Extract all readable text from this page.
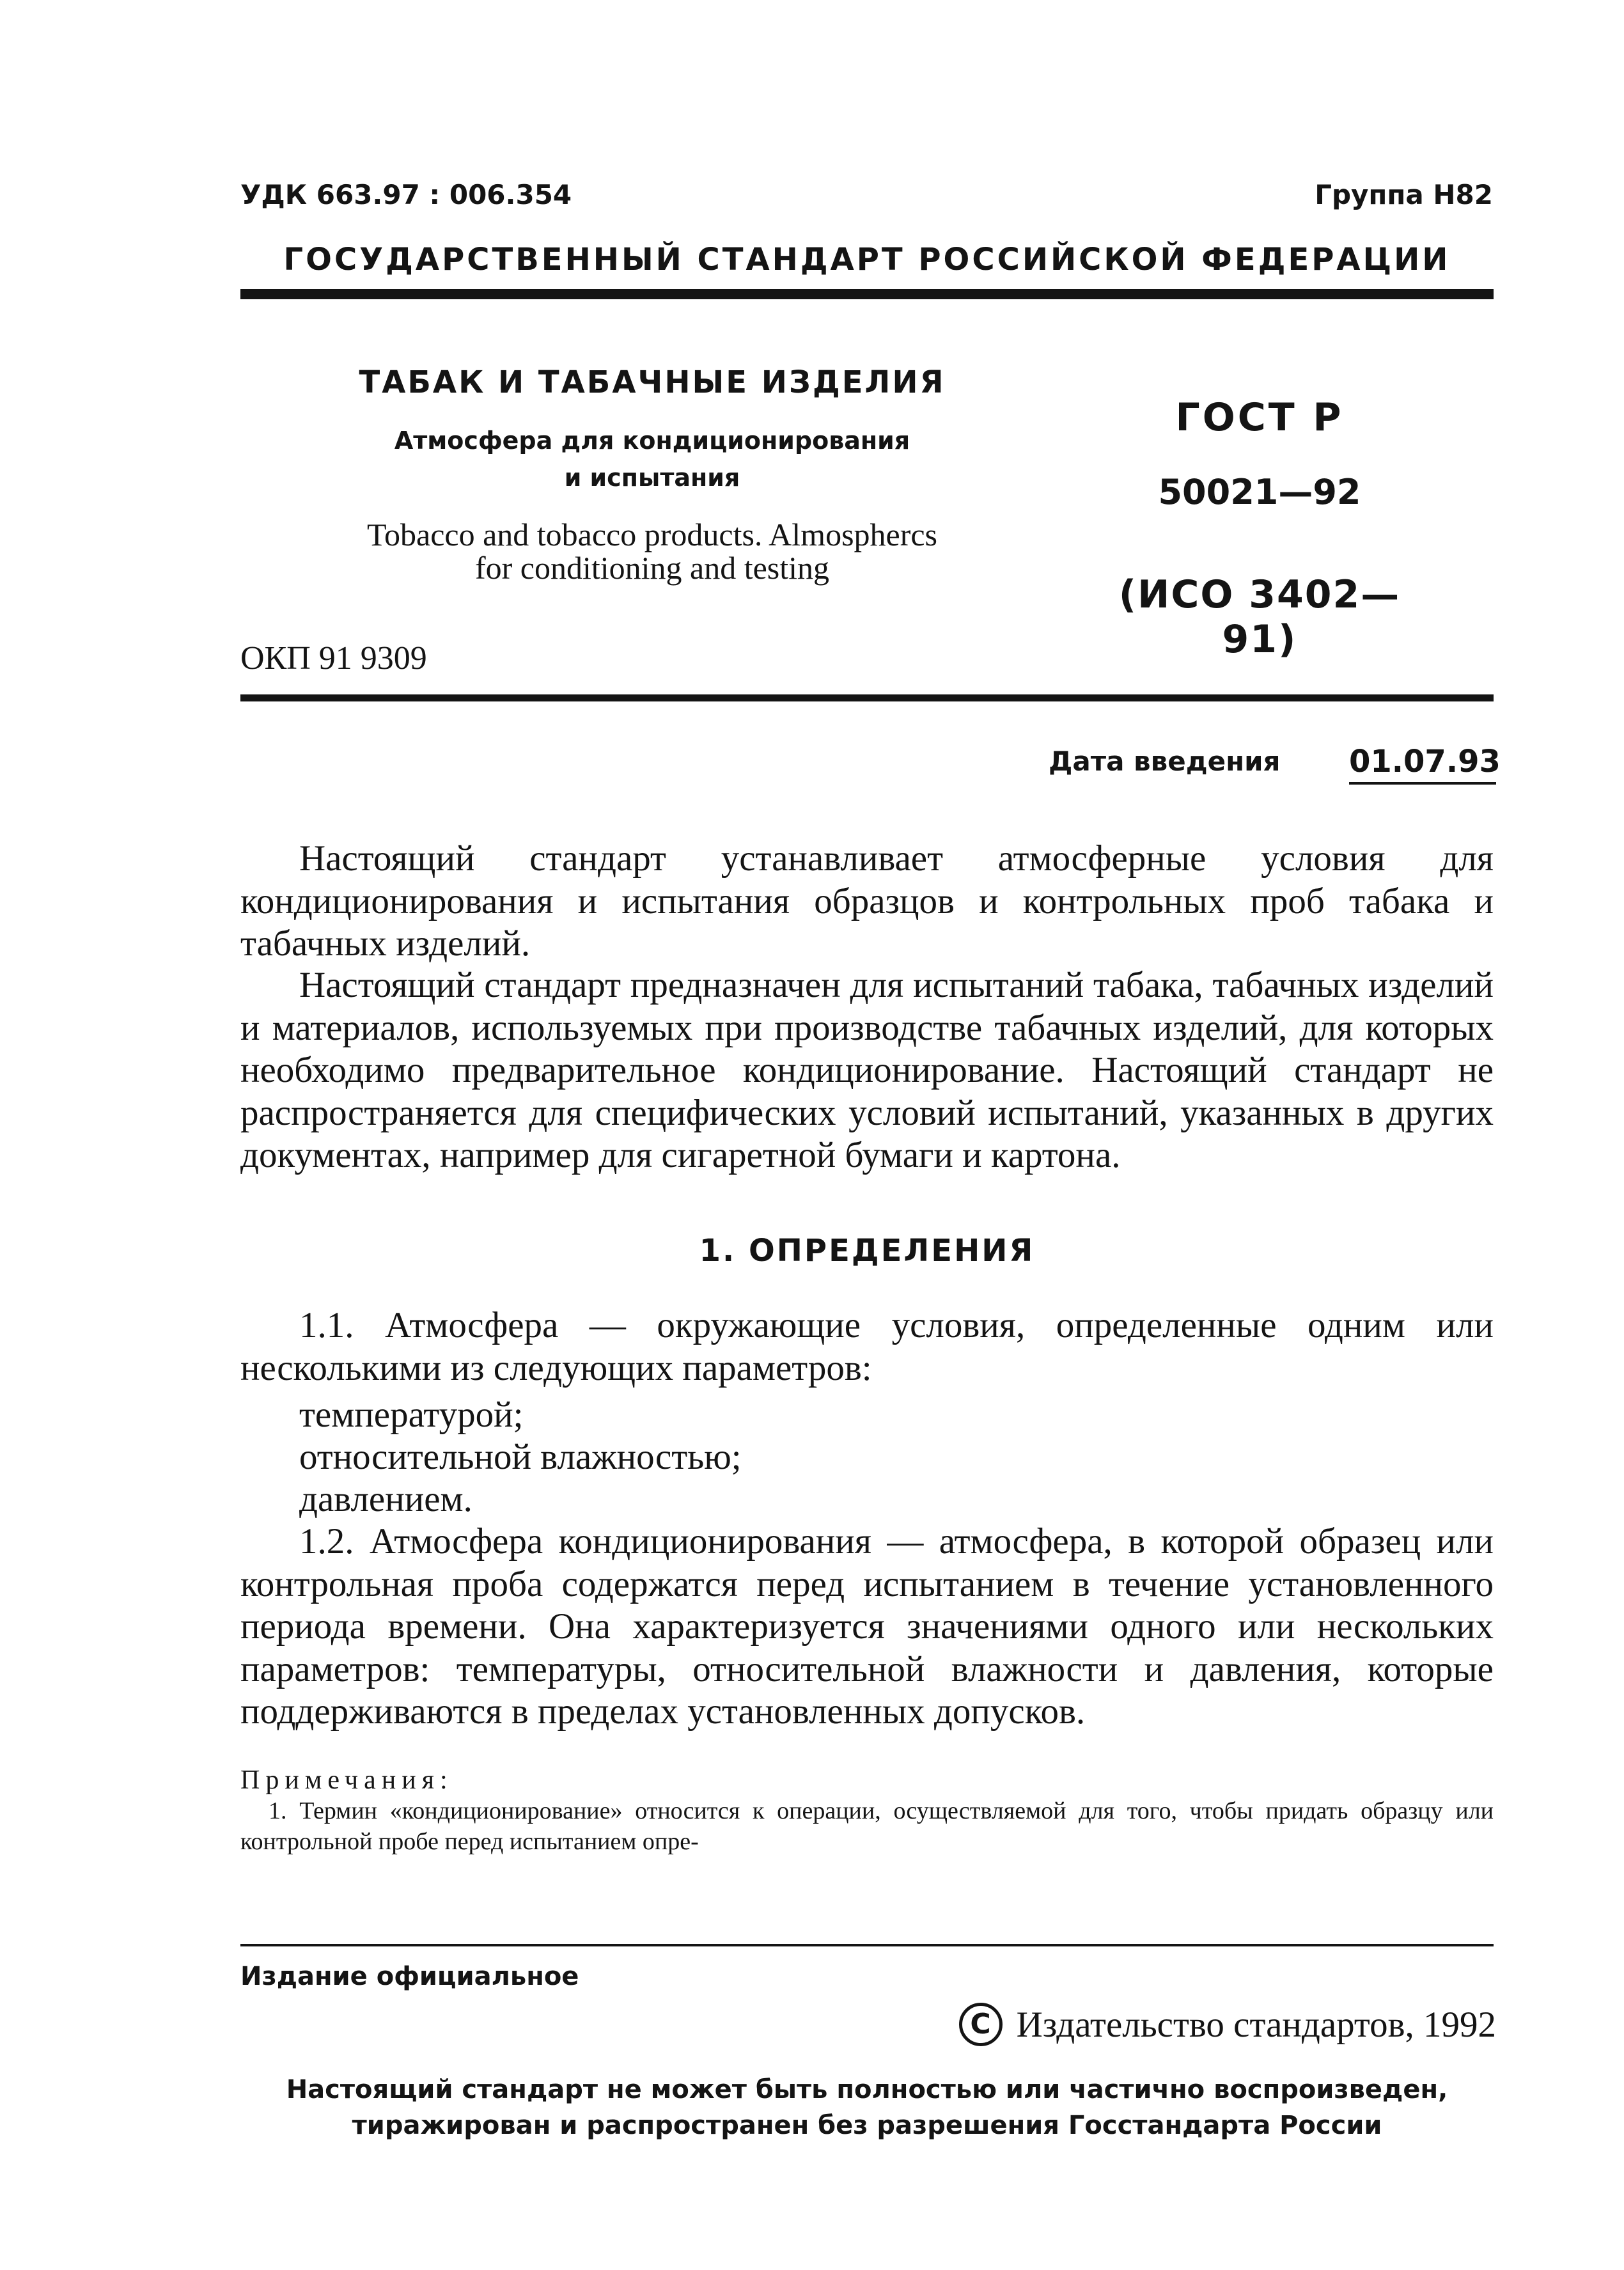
УДК 663.97 : 006.354	Группа Н82
ГОСУДАРСТВЕННЫЙ СТАНДАРТ РОССИЙСКОЙ ФЕДЕРАЦИИ
ТАБАК И ТАБАЧНЫЕ ИЗДЕЛИЯ
Атмосфера для кондиционирования
и испытания
Tobacco and tobacco products. Almospherсs
for conditioning and testing
ГОСТ Р
50021—92
(ИСО 3402—91)
ОКП 91 9309
Дата введения 01.07.93
Настоящий стандарт устанавливает атмосферные условия для кондиционирования и испытания образцов и контрольных проб табака и табачных изделий.
Настоящий стандарт предназначен для испытаний табака, табачных изделий и материалов, используемых при производстве табачных изделий, для которых необходимо предварительное кондиционирование. Настоящий стандарт не распространяется для специфических условий испытаний, указанных в других документах, например для сигаретной бумаги и картона.
1. ОПРЕДЕЛЕНИЯ
1.1. Атмосфера — окружающие условия, определенные одним или несколькими из следующих параметров:
температурой;
относительной влажностью;
давлением.
1.2. Атмосфера кондиционирования — атмосфера, в которой образец или контрольная проба содержатся перед испытанием в течение установленного периода времени. Она характеризуется значениями одного или нескольких параметров: температуры, относительной влажности и давления, которые поддерживаются в пределах установленных допусков.
Примечания:
1. Термин «кондиционирование» относится к операции, осуществляемой для того, чтобы придать образцу или контрольной пробе перед испытанием опре-
Издание официальное
С Издательство стандартов, 1992
Настоящий стандарт не может быть полностью или частично воспроизведен,
тиражирован и распространен без разрешения Госстандарта России
